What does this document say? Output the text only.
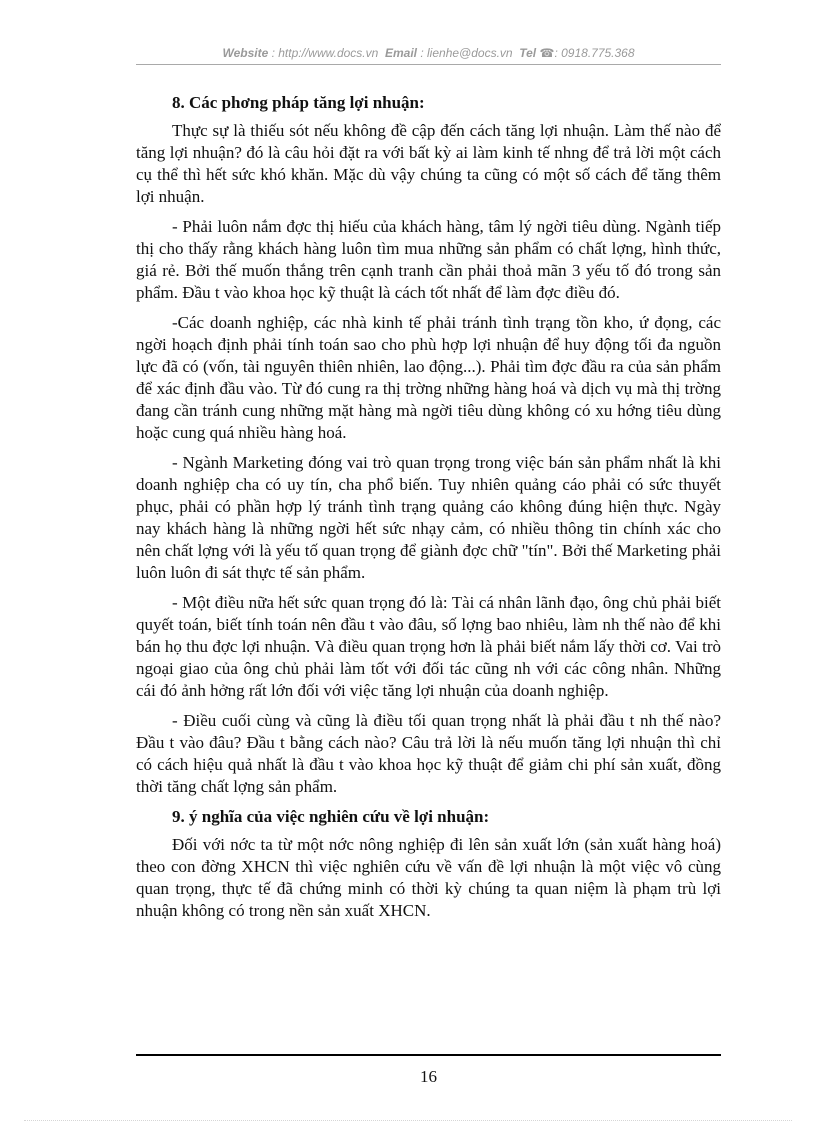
Website : http://www.docs.vn Email : lienhe@docs.vn Tel ☎: 0918.775.368
8. Các phơng pháp tăng lợi nhuận:

Thực sự là thiếu sót nếu không đề cập đến cách tăng lợi nhuận. Làm thế nào để tăng lợi nhuận? đó là câu hỏi đặt ra với bất kỳ ai làm kinh tế nhng để trả lời một cách cụ thể thì hết sức khó khăn. Mặc dù vậy chúng ta cũng có một số cách để tăng thêm lợi nhuận.

- Phải luôn nắm đợc thị hiếu của khách hàng, tâm lý ngời tiêu dùng. Ngành tiếp thị cho thấy rằng khách hàng luôn tìm mua những sản phẩm có chất lợng, hình thức, giá rẻ. Bởi thế muốn thắng trên cạnh tranh cần phải thoả mãn 3 yếu tố đó trong sản phẩm. Đầu t vào khoa học kỹ thuật là cách tốt nhất để làm đợc điều đó.

-Các doanh nghiệp, các nhà kinh tế phải tránh tình trạng tồn kho, ứ đọng, các ngời hoạch định phải tính toán sao cho phù hợp lợi nhuận để huy động tối đa nguồn lực đã có (vốn, tài nguyên thiên nhiên, lao động...). Phải tìm đợc đầu ra của sản phẩm để xác định đầu vào. Từ đó cung ra thị trờng những hàng hoá và dịch vụ mà thị trờng đang cần tránh cung những mặt hàng mà ngời tiêu dùng không có xu hớng tiêu dùng hoặc cung quá nhiều hàng hoá.

- Ngành Marketing đóng vai trò quan trọng trong việc bán sản phẩm nhất là khi doanh nghiệp cha có uy tín, cha phổ biến. Tuy nhiên quảng cáo phải có sức thuyết phục, phải có phần hợp lý tránh tình trạng quảng cáo không đúng hiện thực. Ngày nay khách hàng là những ngời hết sức nhạy cảm, có nhiều thông tin chính xác cho nên chất lợng với là yếu tố quan trọng để giành đợc chữ "tín". Bởi thế Marketing phải luôn luôn đi sát thực tế sản phẩm.

- Một điều nữa hết sức quan trọng đó là: Tài cá nhân lãnh đạo, ông chủ phải biết quyết toán, biết tính toán nên đầu t vào đâu, số lợng bao nhiêu, làm nh thế nào để khi bán họ thu đợc lợi nhuận. Và điều quan trọng hơn là phải biết nắm lấy thời cơ. Vai trò ngoại giao của ông chủ phải làm tốt với đối tác cũng nh với các công nhân. Những cái đó ảnh hởng rất lớn đối với việc tăng lợi nhuận của doanh nghiệp.

- Điều cuối cùng và cũng là điều tối quan trọng nhất là phải đầu t nh thế nào?Đầu t vào đâu? Đầu t bằng cách nào? Câu trả lời là nếu muốn tăng lợi nhuận thì chỉ có cách hiệu quả nhất là đầu t vào khoa học kỹ thuật để giảm chi phí sản xuất, đồng thời tăng chất lợng sản phẩm.

9. ý nghĩa của việc nghiên cứu về lợi nhuận:

Đối với nớc ta từ một nớc nông nghiệp đi lên sản xuất lớn (sản xuất hàng hoá) theo con đờng XHCN thì việc nghiên cứu về vấn đề lợi nhuận là một việc vô cùng quan trọng, thực tế đã chứng minh có thời kỳ chúng ta quan niệm là phạm trù lợi nhuận không có trong nền sản xuất XHCN.

16
